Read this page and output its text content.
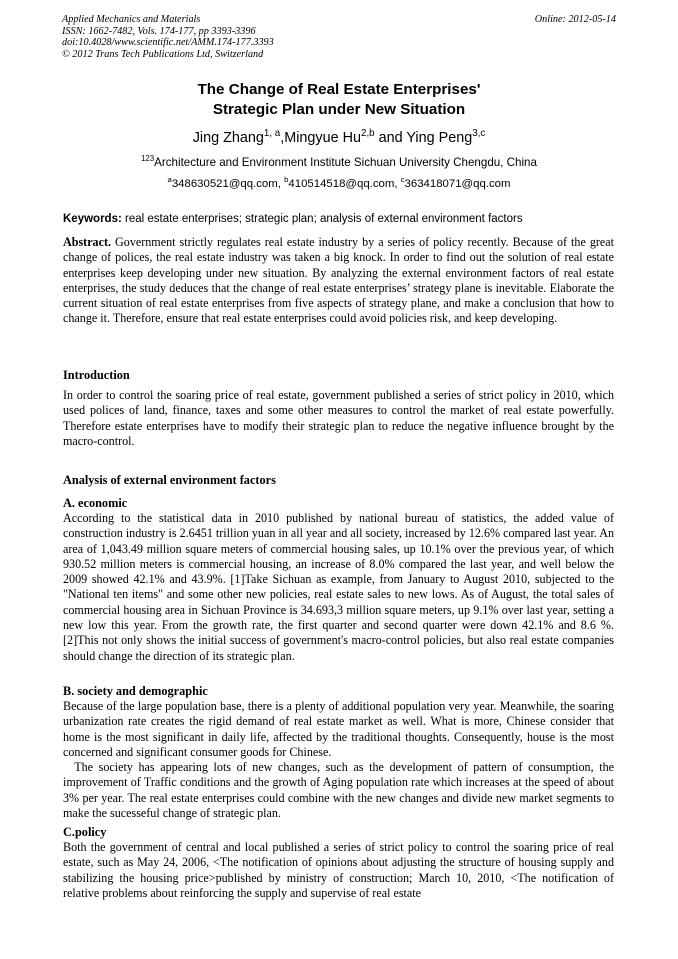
Applied Mechanics and Materials
ISSN: 1662-7482, Vols. 174-177, pp 3393-3396
doi:10.4028/www.scientific.net/AMM.174-177.3393
© 2012 Trans Tech Publications Ltd, Switzerland
Online: 2012-05-14
The Change of Real Estate Enterprises'
Strategic Plan under New Situation
Jing Zhang$^{1, a}$,Mingyue Hu$^{2,b}$ and Ying Peng$^{3,c}$
$^{123}$Architecture and Environment Institute Sichuan University Chengdu, China
$^a$348630521@qq.com, $^b$410514518@qq.com, $^c$363418071@qq.com
Keywords: real estate enterprises; strategic plan; analysis of external environment factors

Abstract. Government strictly regulates real estate industry by a series of policy recently. Because of the great change of polices, the real estate industry was taken a big knock. In order to find out the solution of real estate enterprises keep developing under new situation. By analyzing the external environment factors of real estate enterprises, the study deduces that the change of real estate enterprises’ strategy plane is inevitable. Elaborate the current situation of real estate enterprises from five aspects of strategy plane, and make a conclusion that how to change it. Therefore, ensure that real estate enterprises could avoid policies risk, and keep developing.

Introduction

In order to control the soaring price of real estate, government published a series of strict policy in 2010, which used polices of land, finance, taxes and some other measures to control the market of real estate powerfully. Therefore estate enterprises have to modify their strategic plan to reduce the negative influence brought by the macro-control.

Analysis of external environment factors
A. economic

According to the statistical data in 2010 published by national bureau of statistics, the added value of construction industry is 2.6451 trillion yuan in all year and all society, increased by 12.6% compared last year. An area of 1,043.49 million square meters of commercial housing sales, up 10.1% over the previous year, of which 930.52 million meters is commercial housing, an increase of 8.0% compared the last year, and well below the 2009 showed 42.1% and 43.9%. [1]Take Sichuan as example, from January to August 2010, subjected to the "National ten items" and some other new policies, real estate sales to new lows. As of August, the total sales of commercial housing area in Sichuan Province is 34.693,3 million square meters, up 9.1% over last year, setting a new low this year. From the growth rate, the first quarter and second quarter were down 42.1% and 8.6 %. [2]This not only shows the initial success of government's macro-control policies, but also real estate companies should change the direction of its strategic plan.

B. society and demographic

Because of the large population base, there is a plenty of additional population very year. Meanwhile, the soaring urbanization rate creates the rigid demand of real estate market as well. What is more, Chinese consider that home is the most significant in daily life, affected by the traditional thoughts. Consequently, house is the most concerned and significant consumer goods for Chinese.

The society has appearing lots of new changes, such as the development of pattern of consumption, the improvement of Traffic conditions and the growth of Aging population rate which increases at the speed of about 3% per year. The real estate enterprises could combine with the new changes and divide new market segments to make the sucesseful change of strategic plan.

C.policy

Both the government of central and local published a series of strict policy to control the soaring price of real estate, such as May 24, 2006, <The notification of opinions about adjusting the structure of housing supply and stabilizing the housing price>published by ministry of construction; March 10, 2010, <The notification of relative problems about reinforcing the supply and supervise of real estate
